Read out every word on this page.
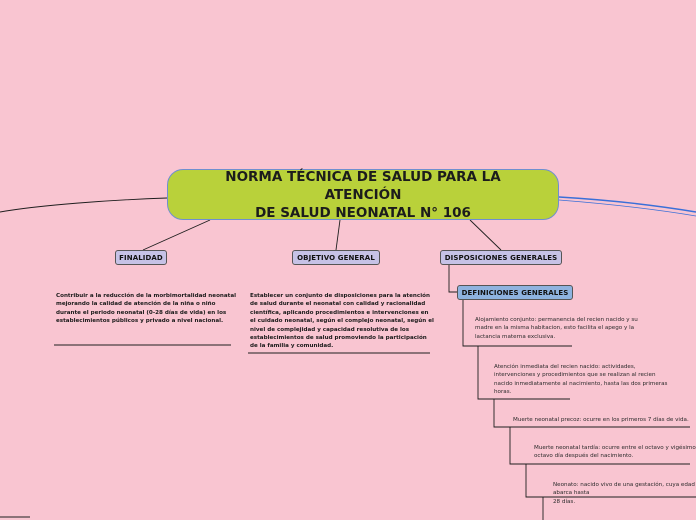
NORMA TÉCNICA DE SALUD PARA LA ATENCIÓN
DE SALUD NEONATAL N° 106
FINALIDAD	OBJETIVO GENERAL	DISPOSICIONES GENERALES
DEFINICIONES GENERALES
Contribuir a la reducción de la morbimortalidad neonatal
mejorando la calidad de atención de la niña o niño
durante el periodo neonatal (0-28 días de vida) en los
establecimientos públicos y privado a nivel nacional.
Establecer un conjunto de disposiciones para la atención
de salud durante el neonatal con calidad y racionalidad
científica, aplicando procedimientos e intervenciones en
el cuidado neonatal, según el complejo neonatal, según el
nivel de complejidad y capacidad resolutiva de los
establecimientos de salud promoviendo la participación
de la familia y comunidad.
Alojamiento conjunto: permanencia del recien nacido y su
madre en la misma habitacion, esto facilita el apego y la
lactancia materna exclusiva.
Atención inmediata del recien nacido: actividades,
intervenciones y procedimientos que se realizan al recien
nacido inmediatamente al nacimiento, hasta las dos primeras
horas.
Muerte neonatal precoz: ocurre en los primeros 7 días de vida.
Muerte neonatal tardía: ocurre entre el octavo y vigésimo
octavo día después del nacimiento.
Neonato: nacido vivo de una gestación, cuya edad abarca hasta
28 días.
